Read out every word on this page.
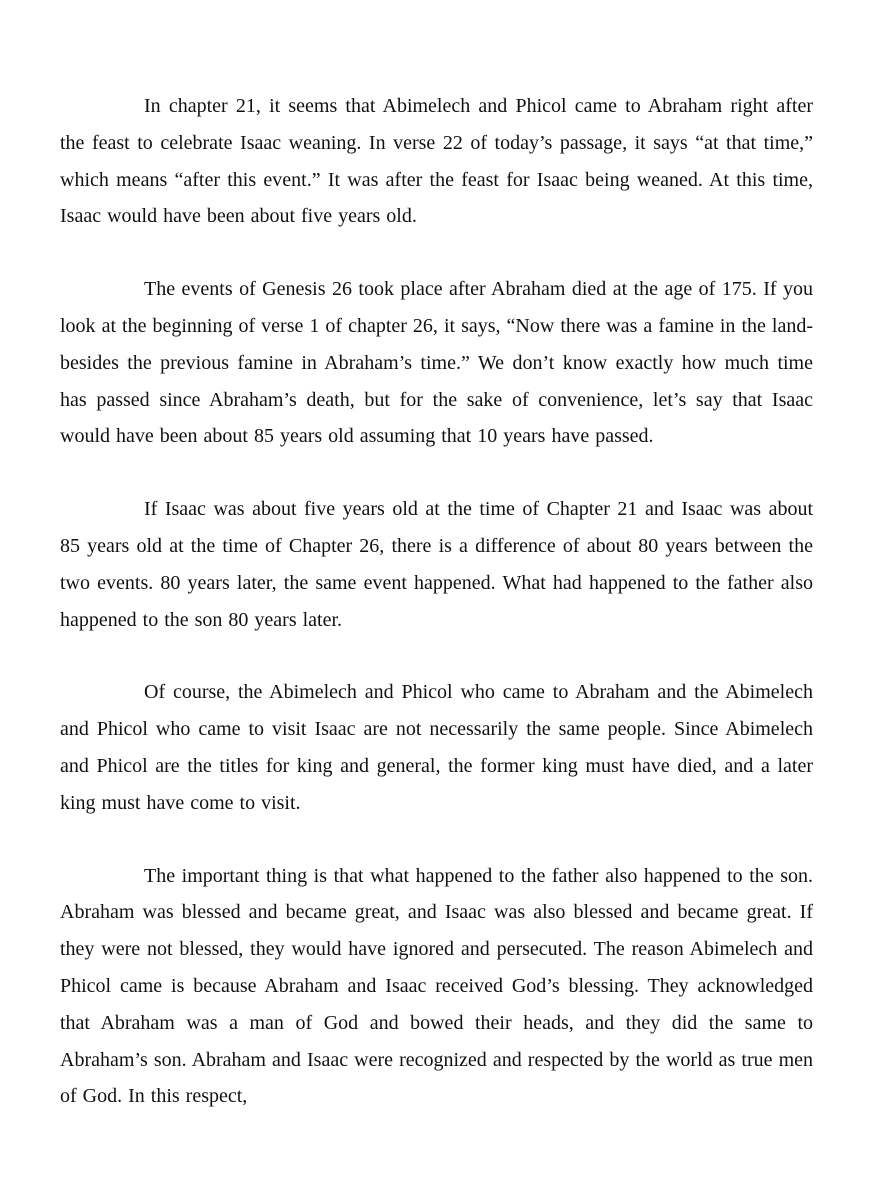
In chapter 21, it seems that Abimelech and Phicol came to Abraham right after the feast to celebrate Isaac weaning. In verse 22 of today’s passage, it says “at that time,” which means “after this event.” It was after the feast for Isaac being weaned. At this time, Isaac would have been about five years old.

The events of Genesis 26 took place after Abraham died at the age of 175. If you look at the beginning of verse 1 of chapter 26, it says, “Now there was a famine in the land-besides the previous famine in Abraham’s time.” We don’t know exactly how much time has passed since Abraham’s death, but for the sake of convenience, let’s say that Isaac would have been about 85 years old assuming that 10 years have passed.

If Isaac was about five years old at the time of Chapter 21 and Isaac was about 85 years old at the time of Chapter 26, there is a difference of about 80 years between the two events. 80 years later, the same event happened. What had happened to the father also happened to the son 80 years later.

Of course, the Abimelech and Phicol who came to Abraham and the Abimelech and Phicol who came to visit Isaac are not necessarily the same people. Since Abimelech and Phicol are the titles for king and general, the former king must have died, and a later king must have come to visit.

The important thing is that what happened to the father also happened to the son. Abraham was blessed and became great, and Isaac was also blessed and became great. If they were not blessed, they would have ignored and persecuted. The reason Abimelech and Phicol came is because Abraham and Isaac received God’s blessing. They acknowledged that Abraham was a man of God and bowed their heads, and they did the same to Abraham’s son. Abraham and Isaac were recognized and respected by the world as true men of God. In this respect,
